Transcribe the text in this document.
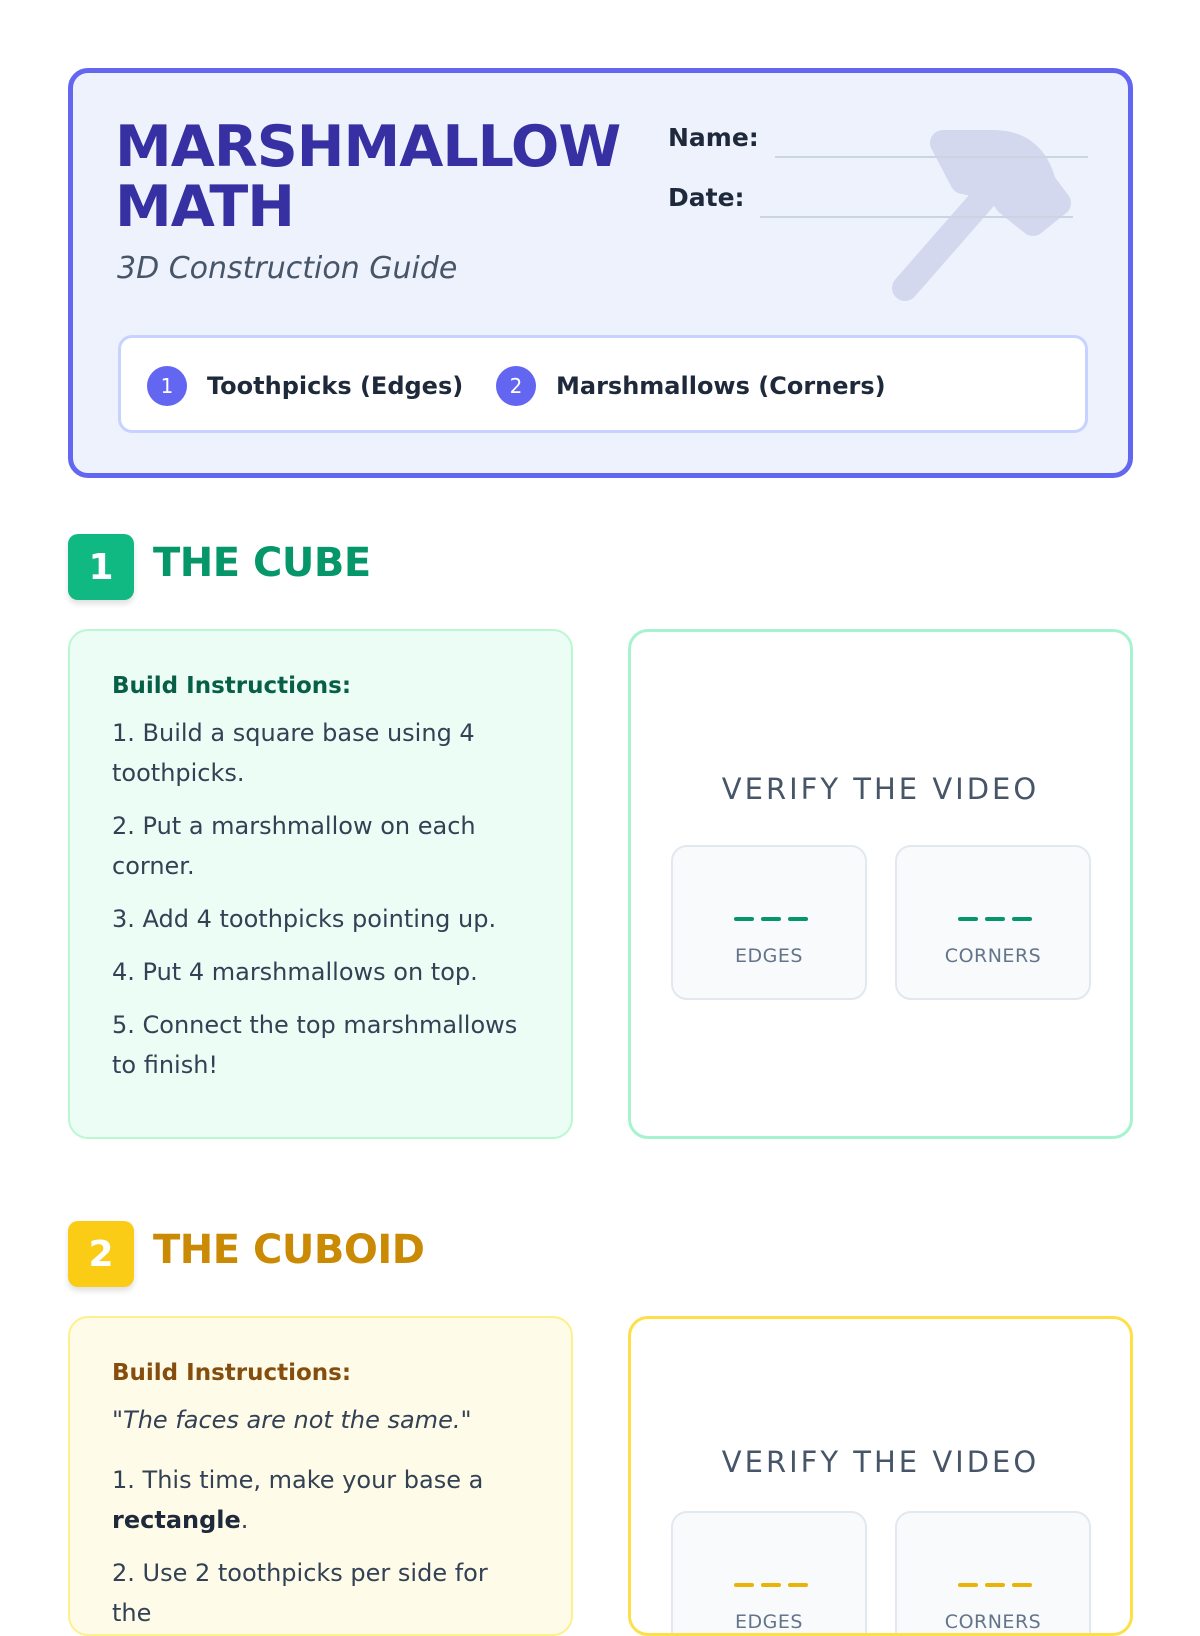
MARSHMALLOW
MATH
3D Construction Guide
Name:
Date:
1	Toothpicks (Edges)	2	Marshmallows (Corners)
1 THE CUBE
Build Instructions:
1. Build a square base using 4 toothpicks.
2. Put a marshmallow on each corner.
3. Add 4 toothpicks pointing up.
4. Put 4 marshmallows on top.
5. Connect the top marshmallows to finish!
VERIFY THE VIDEO
EDGES	CORNERS
2 THE CUBOID
Build Instructions:
"The faces are not the same."
1. This time, make your base a rectangle.
2. Use 2 toothpicks per side for the
VERIFY THE VIDEO
EDGES	CORNERS
